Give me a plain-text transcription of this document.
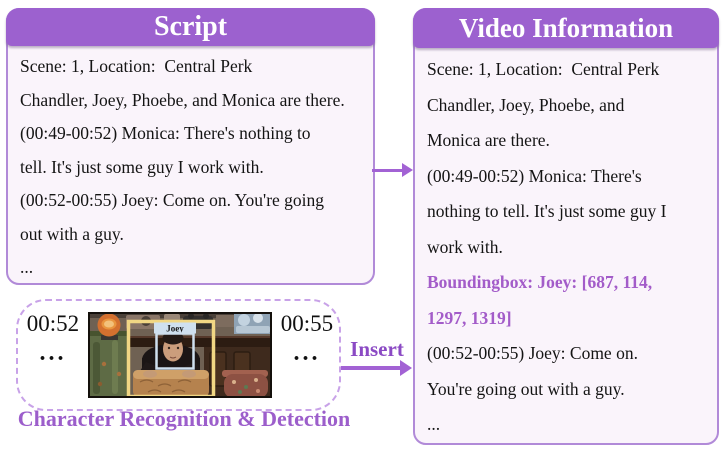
Script
Scene: 1, Location:  Central Perk
Chandler, Joey, Phoebe, and Monica are there.
(00:49-00:52) Monica: There's nothing to
tell. It's just some guy I work with.
(00:52-00:55) Joey: Come on. You're going
out with a guy.
...
Video Information
Scene: 1, Location:  Central Perk
Chandler, Joey, Phoebe, and
Monica are there.
(00:49-00:52) Monica: There's
nothing to tell. It's just some guy I
work with.
Boundingbox: Joey: [687, 114,
1297, 1319]
(00:52-00:55) Joey: Come on.
You're going out with a guy.
...
00:52
...
00:55
...
Joey
Character Recognition & Detection
Insert
